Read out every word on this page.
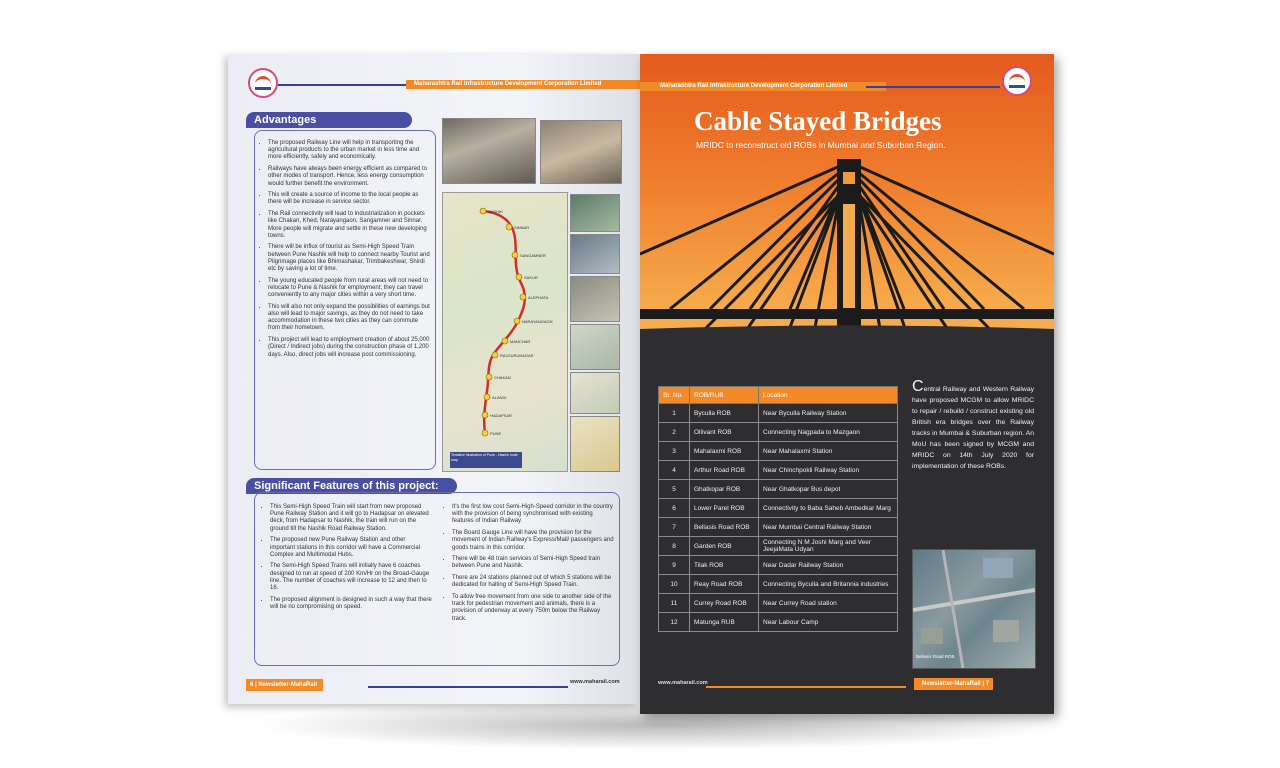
Maharashtra Rail Infrastructure Development Corporation Limited
Advantages
• The proposed Railway Line will help in transporting the agricultural products to the urban market in less time and more efficiently, safely and economically.
• Railways have always been energy efficient as compared to other modes of transport. Hence, less energy consumption would further benefit the environment.
• This will create a source of income to the local people as there will be increase in service sector.
• The Rail connectivity will lead to industrialization in pockets like Chakan, Khed, Narayangaon, Sangamner and Sinnar. More people will migrate and settle in these new developing towns.
• There will be influx of tourist as Semi-High Speed Train between Pune Nashik will help to connect nearby Tourist and Pilgrimage places like Bhimashakar, Trimbakeshwar, Shirdi etc by saving a lot of time.
• The young educated people from rural areas will not need to relocate to Pune & Nashik for employment; they can travel conveniently to any major cities within a very short time.
• This will also not only expand the possibilities of earnings but also will lead to major savings, as they do not need to take accommodation in these two cities as they can commute from their hometown.
• This project will lead to employment creation of about 25,000 (Direct / Indirect jobs) during the construction phase of 1,200 days. Also, direct jobs will increase post commissioning.
NASHIK
SINNAR
SANGAMNER
SAKUR
ALEPHATA
NARAYANGAON
MANCHAR
RAJGURUNAGAR
CHAKAN
ALANDI
HADAPSAR
PUNE
Tentative Illustration of Pune - Nashik route map
Significant Features of this project:
• This Semi-High Speed Train will start from new proposed Pune Railway Station and it will go to Hadapsar on elevated deck, from Hadapsar to Nashik, the train will run on the ground till the Nashik Road Railway Station.
• The proposed new Pune Railway Station and other important stations in this corridor will have a Commercial Complex and Multimodal Hubs.
• The Semi-High Speed Trains will initially have 6 coaches designed to run at speed of 200 Km/Hr on the Broad-Gauge line. The number of coaches will increase to 12 and then to 16.
• The proposed alignment is designed in such a way that there will be no compromising on speed.
• It's the first low cost Semi-High-Speed corridor in the country with the provision of being synchronised with existing features of Indian Railway.
• The Board Gauge Line will have the provision for the movement of Indian Railway's Express/Mail/ passengers and goods trains in this corridor.
• There will be 48 train services of Semi-High Speed train between Pune and Nashik.
• There are 24 stations planned out of which 5 stations will be dedicated for halting of Semi-High Speed Train.
• To allow free movement from one side to another side of the track for pedestrian movement and animals, there is a provision of underway at every 750m below the Railway track.
6 | Newsletter-MahaRail	www.maharail.com
Maharashtra Rail Infrastructure Development Corporation Limited
Cable Stayed Bridges
MRIDC to reconstruct old ROBs in Mumbai and Suburban Region.
Sr. No.	ROB/RUB	Location
1	Byculla ROB	Near Byculla Railway Station
2	Ollivant ROB	Connecting Nagpada to Mazgaon
3	Mahalaxmi ROB	Near Mahalaxmi Station
4	Arthur Road ROB	Near Chinchpokli Railway Station
5	Ghatkopar ROB	Near Ghatkopar Bus depot
6	Lower Parel ROB	Connectivity to Baba Saheb Ambedkar Marg
7	Bellasis Road ROB	Near Mumbai Central Railway Station
8	Garden ROB	Connecting N M Joshi Marg and Veer JeejaMata Udyan
9	Tilak ROB	Near Dadar Railway Station
10	Reay Road ROB	Connecting Byculla and Britannia industries
11	Currey Road ROB	Near Currey Road station
12	Matunga RUB	Near Labour Camp
Central Railway and Western Railway have proposed MCGM to allow MRIDC to repair / rebuild / construct existing old British era bridges over the Railway tracks in Mumbai & Suburban region. An MoU has been signed by MCGM and MRIDC on 14th July 2020 for implementation of these ROBs.
Bellasis Road ROB
www.maharail.com	Newsletter-MahaRail | 7
